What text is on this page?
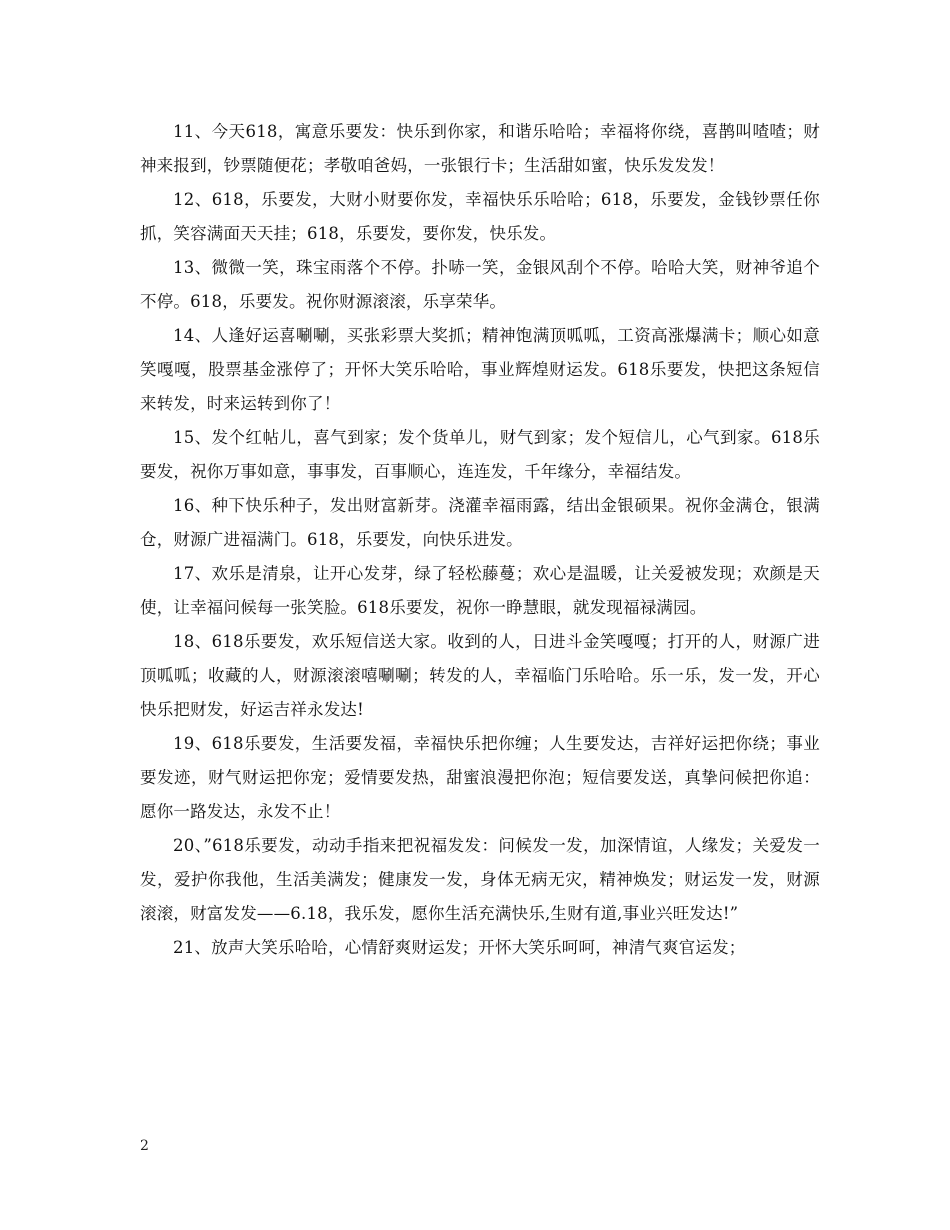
11、今天618，寓意乐要发：快乐到你家，和谐乐哈哈；幸福将你绕，喜鹊叫喳喳；财神来报到，钞票随便花；孝敬咱爸妈，一张银行卡；生活甜如蜜，快乐发发发！

12、618，乐要发，大财小财要你发，幸福快乐乐哈哈；618，乐要发，金钱钞票任你抓，笑容满面天天挂；618，乐要发，要你发，快乐发。

13、微微一笑，珠宝雨落个不停。扑哧一笑，金银风刮个不停。哈哈大笑，财神爷追个不停。618，乐要发。祝你财源滚滚，乐享荣华。

14、人逢好运喜唰唰，买张彩票大奖抓；精神饱满顶呱呱，工资高涨爆满卡；顺心如意笑嘎嘎，股票基金涨停了；开怀大笑乐哈哈，事业辉煌财运发。618乐要发，快把这条短信来转发，时来运转到你了！

15、发个红帖儿，喜气到家；发个货单儿，财气到家；发个短信儿，心气到家。618乐要发，祝你万事如意，事事发，百事顺心，连连发，千年缘分，幸福结发。

16、种下快乐种子，发出财富新芽。浇灌幸福雨露，结出金银硕果。祝你金满仓，银满仓，财源广进福满门。618，乐要发，向快乐进发。

17、欢乐是清泉，让开心发芽，绿了轻松藤蔓；欢心是温暖，让关爱被发现；欢颜是天使，让幸福问候每一张笑脸。618乐要发，祝你一睁慧眼，就发现福禄满园。

18、618乐要发，欢乐短信送大家。收到的人，日进斗金笑嘎嘎；打开的人，财源广进顶呱呱；收藏的人，财源滚滚嘻唰唰；转发的人，幸福临门乐哈哈。乐一乐，发一发，开心快乐把财发，好运吉祥永发达!

19、618乐要发，生活要发福，幸福快乐把你缠；人生要发达，吉祥好运把你绕；事业要发迹，财气财运把你宠；爱情要发热，甜蜜浪漫把你泡；短信要发送，真挚问候把你追：愿你一路发达，永发不止！

20、”618乐要发，动动手指来把祝福发发：问候发一发，加深情谊，人缘发；关爱发一发，爱护你我他，生活美满发；健康发一发，身体无病无灾，精神焕发；财运发一发，财源滚滚，财富发发——6.18，我乐发，愿你生活充满快乐,生财有道,事业兴旺发达!”

21、放声大笑乐哈哈，心情舒爽财运发；开怀大笑乐呵呵，神清气爽官运发；

2
